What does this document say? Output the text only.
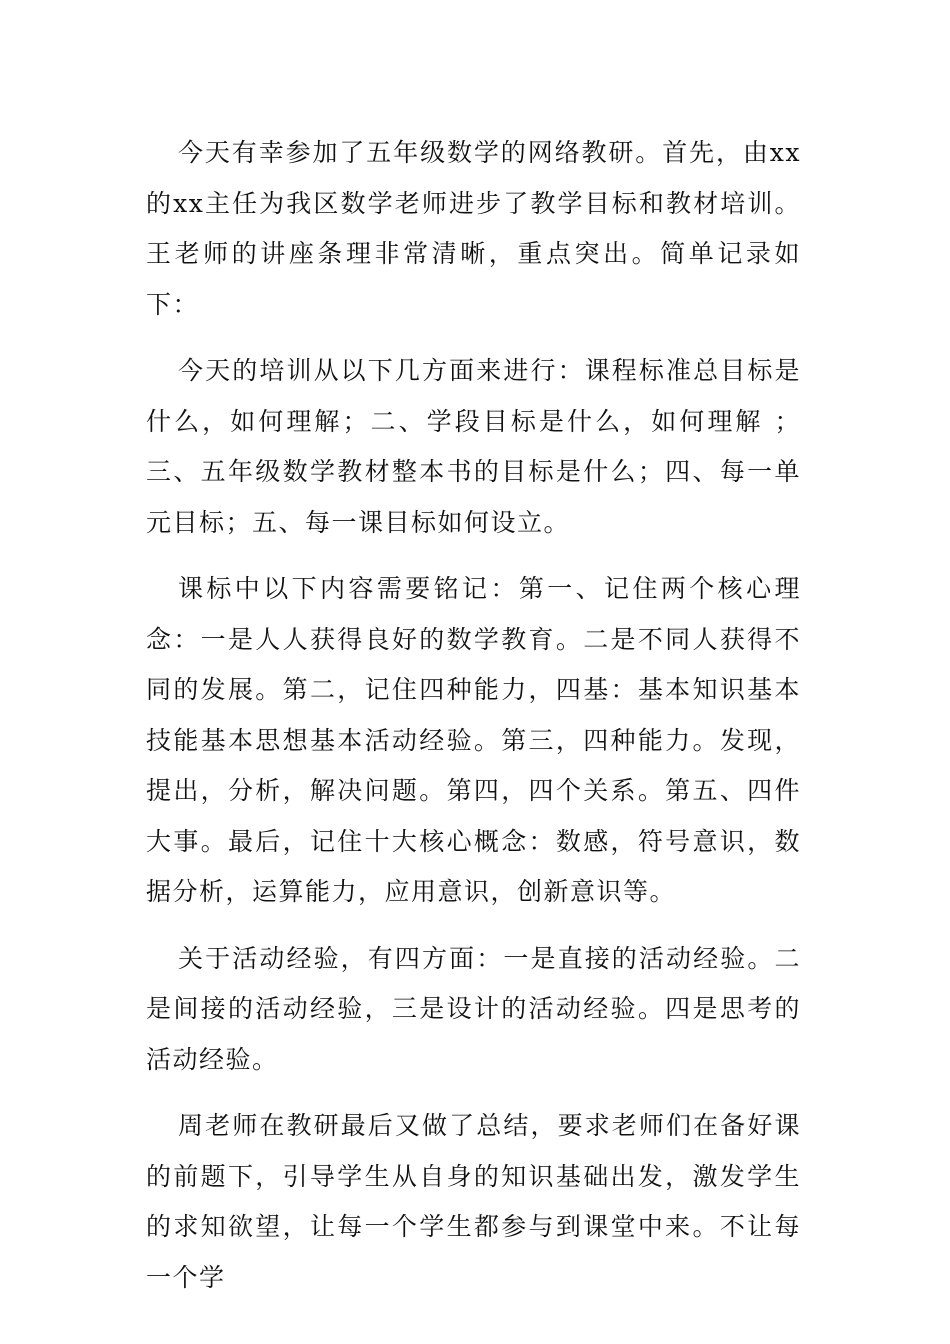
今天有幸参加了五年级数学的网络教研。首先，由xx的xx主任为我区数学老师进步了教学目标和教材培训。王老师的讲座条理非常清晰，重点突出。简单记录如下：

今天的培训从以下几方面来进行：课程标准总目标是什么，如何理解；二、学段目标是什么，如何理解 ；三、五年级数学教材整本书的目标是什么；四、每一单元目标；五、每一课目标如何设立。

课标中以下内容需要铭记：第一、记住两个核心理念：一是人人获得良好的数学教育。二是不同人获得不同的发展。第二，记住四种能力，四基：基本知识基本技能基本思想基本活动经验。第三，四种能力。发现，提出，分析，解决问题。第四，四个关系。第五、四件大事。最后，记住十大核心概念：数感，符号意识，数据分析，运算能力，应用意识，创新意识等。

关于活动经验，有四方面：一是直接的活动经验。二是间接的活动经验，三是设计的活动经验。四是思考的活动经验。

周老师在教研最后又做了总结，要求老师们在备好课的前题下，引导学生从自身的知识基础出发，激发学生的求知欲望，让每一个学生都参与到课堂中来。不让每一个学
